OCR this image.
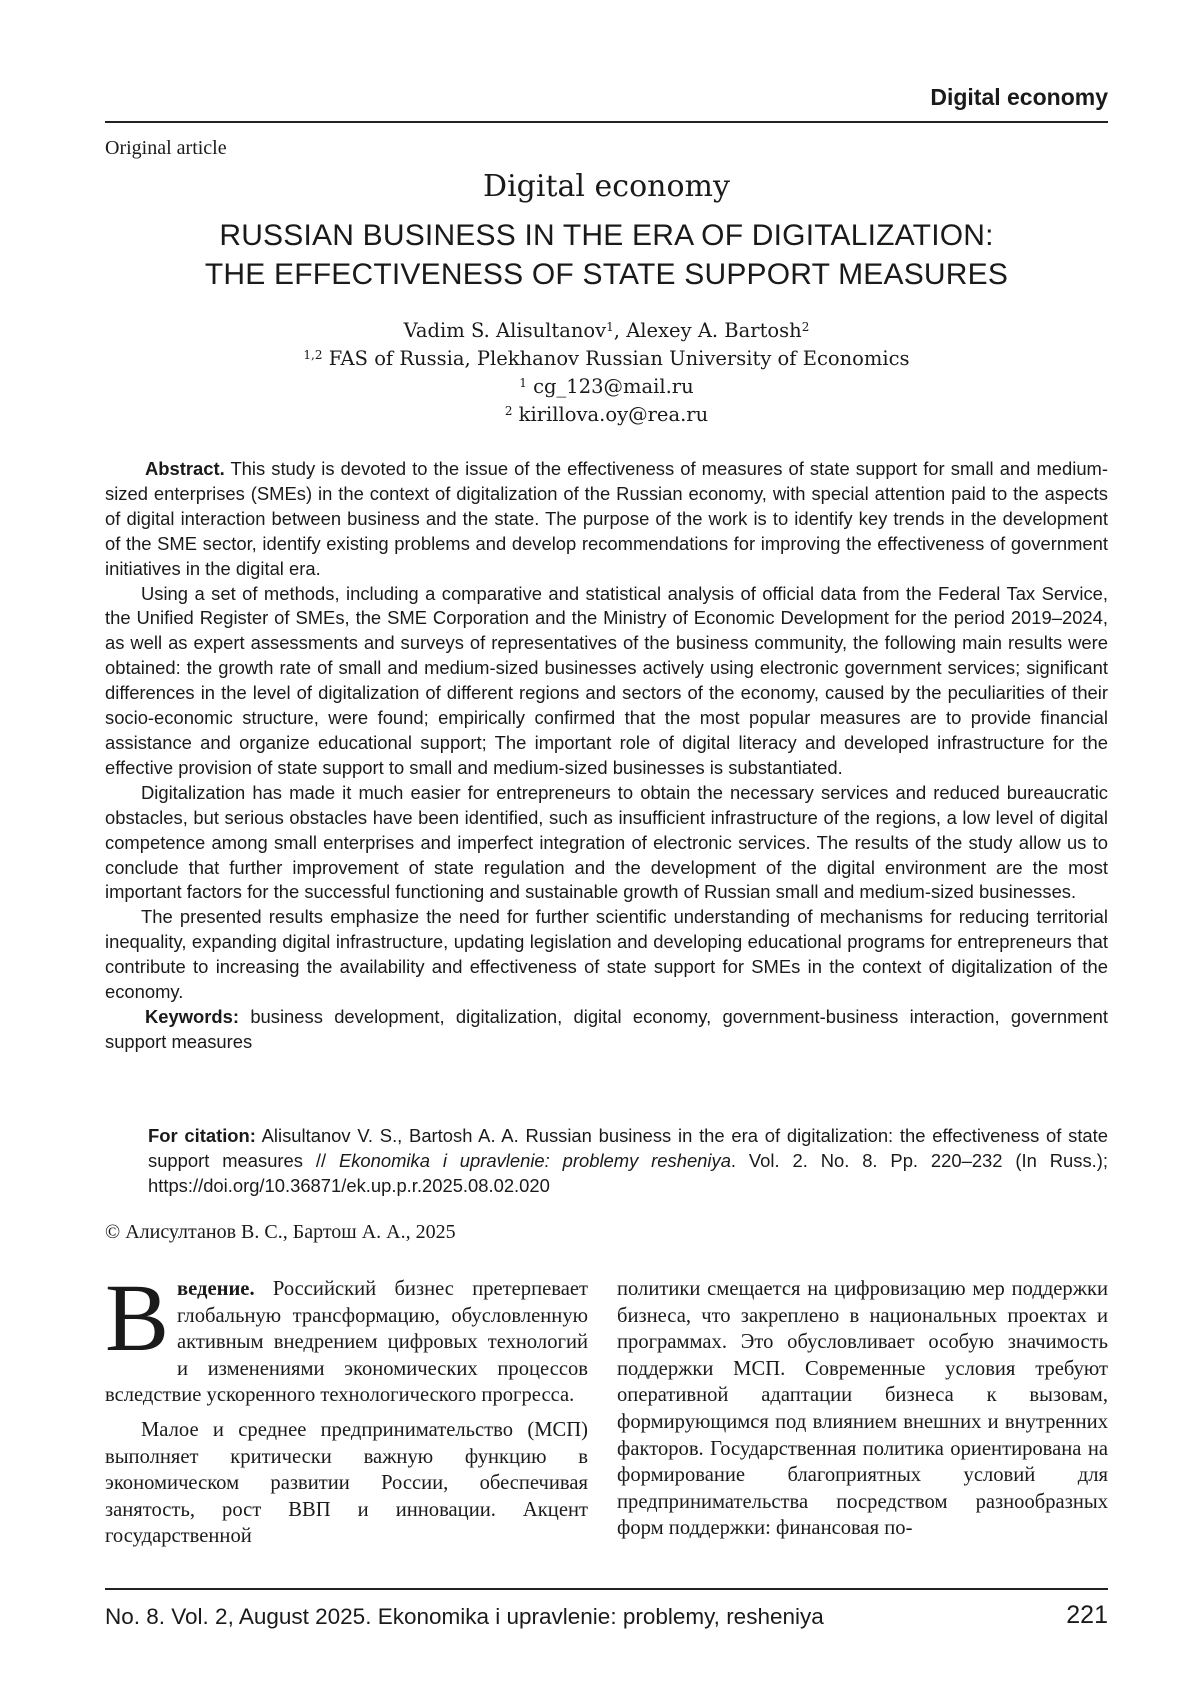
Digital economy
Original article
Digital economy
RUSSIAN BUSINESS IN THE ERA OF DIGITALIZATION:
THE EFFECTIVENESS OF STATE SUPPORT MEASURES
Vadim S. Alisultanov1, Alexey A. Bartosh2
1,2 FAS of Russia, Plekhanov Russian University of Economics
1 cg_123@mail.ru
2 kirillova.oy@rea.ru

Abstract. This study is devoted to the issue of the effectiveness of measures of state support for small and medium-sized enterprises (SMEs) in the context of digitalization of the Russian economy, with special attention paid to the aspects of digital interaction between business and the state. The purpose of the work is to identify key trends in the development of the SME sector, identify existing problems and develop recommendations for improving the effectiveness of government initiatives in the digital era.

Using a set of methods, including a comparative and statistical analysis of official data from the Federal Tax Service, the Unified Register of SMEs, the SME Corporation and the Ministry of Economic Development for the period 2019–2024, as well as expert assessments and surveys of representatives of the business community, the following main results were obtained: the growth rate of small and medium-sized businesses actively using electronic government services; significant differences in the level of digitalization of different regions and sectors of the economy, caused by the peculiarities of their socio-economic structure, were found; empirically confirmed that the most popular measures are to provide financial assistance and organize educational support; The important role of digital literacy and developed infrastructure for the effective provision of state support to small and medium-sized businesses is substantiated.

Digitalization has made it much easier for entrepreneurs to obtain the necessary services and reduced bureaucratic obstacles, but serious obstacles have been identified, such as insufficient infrastructure of the regions, a low level of digital competence among small enterprises and imperfect integration of electronic services. The results of the study allow us to conclude that further improvement of state regulation and the development of the digital environment are the most important factors for the successful functioning and sustainable growth of Russian small and medium-sized businesses.

The presented results emphasize the need for further scientific understanding of mechanisms for reducing territorial inequality, expanding digital infrastructure, updating legislation and developing educational programs for entrepreneurs that contribute to increasing the availability and effectiveness of state support for SMEs in the context of digitalization of the economy.

Keywords: business development, digitalization, digital economy, government-business interaction, government support measures

For citation: Alisultanov V. S., Bartosh A. A. Russian business in the era of digitalization: the effectiveness of state support measures // Ekonomika i upravlenie: problemy resheniya. Vol. 2. No. 8. Pp. 220–232 (In Russ.); https://doi.org/10.36871/ek.up.p.r.2025.08.02.020
© Алисултанов В. С., Бартош А. А., 2025

В ведение. Российский бизнес претерпевает глобальную трансформацию, обусловленную активным внедрением цифровых технологий и изменениями экономических процессов вследствие ускоренного технологического прогресса.

Малое и среднее предпринимательство (МСП) выполняет критически важную функцию в экономическом развитии России, обеспечивая занятость, рост ВВП и инновации. Акцент государственной

политики смещается на цифровизацию мер поддержки бизнеса, что закреплено в национальных проектах и программах. Это обусловливает особую значимость поддержки МСП. Современные условия требуют оперативной адаптации бизнеса к вызовам, формирующимся под влиянием внешних и внутренних факторов. Государственная политика ориентирована на формирование благоприятных условий для предпринимательства посредством разнообразных форм поддержки: финансовая по-

No. 8. Vol. 2, August 2025. Ekonomika i upravlenie: problemy, resheniya	221
